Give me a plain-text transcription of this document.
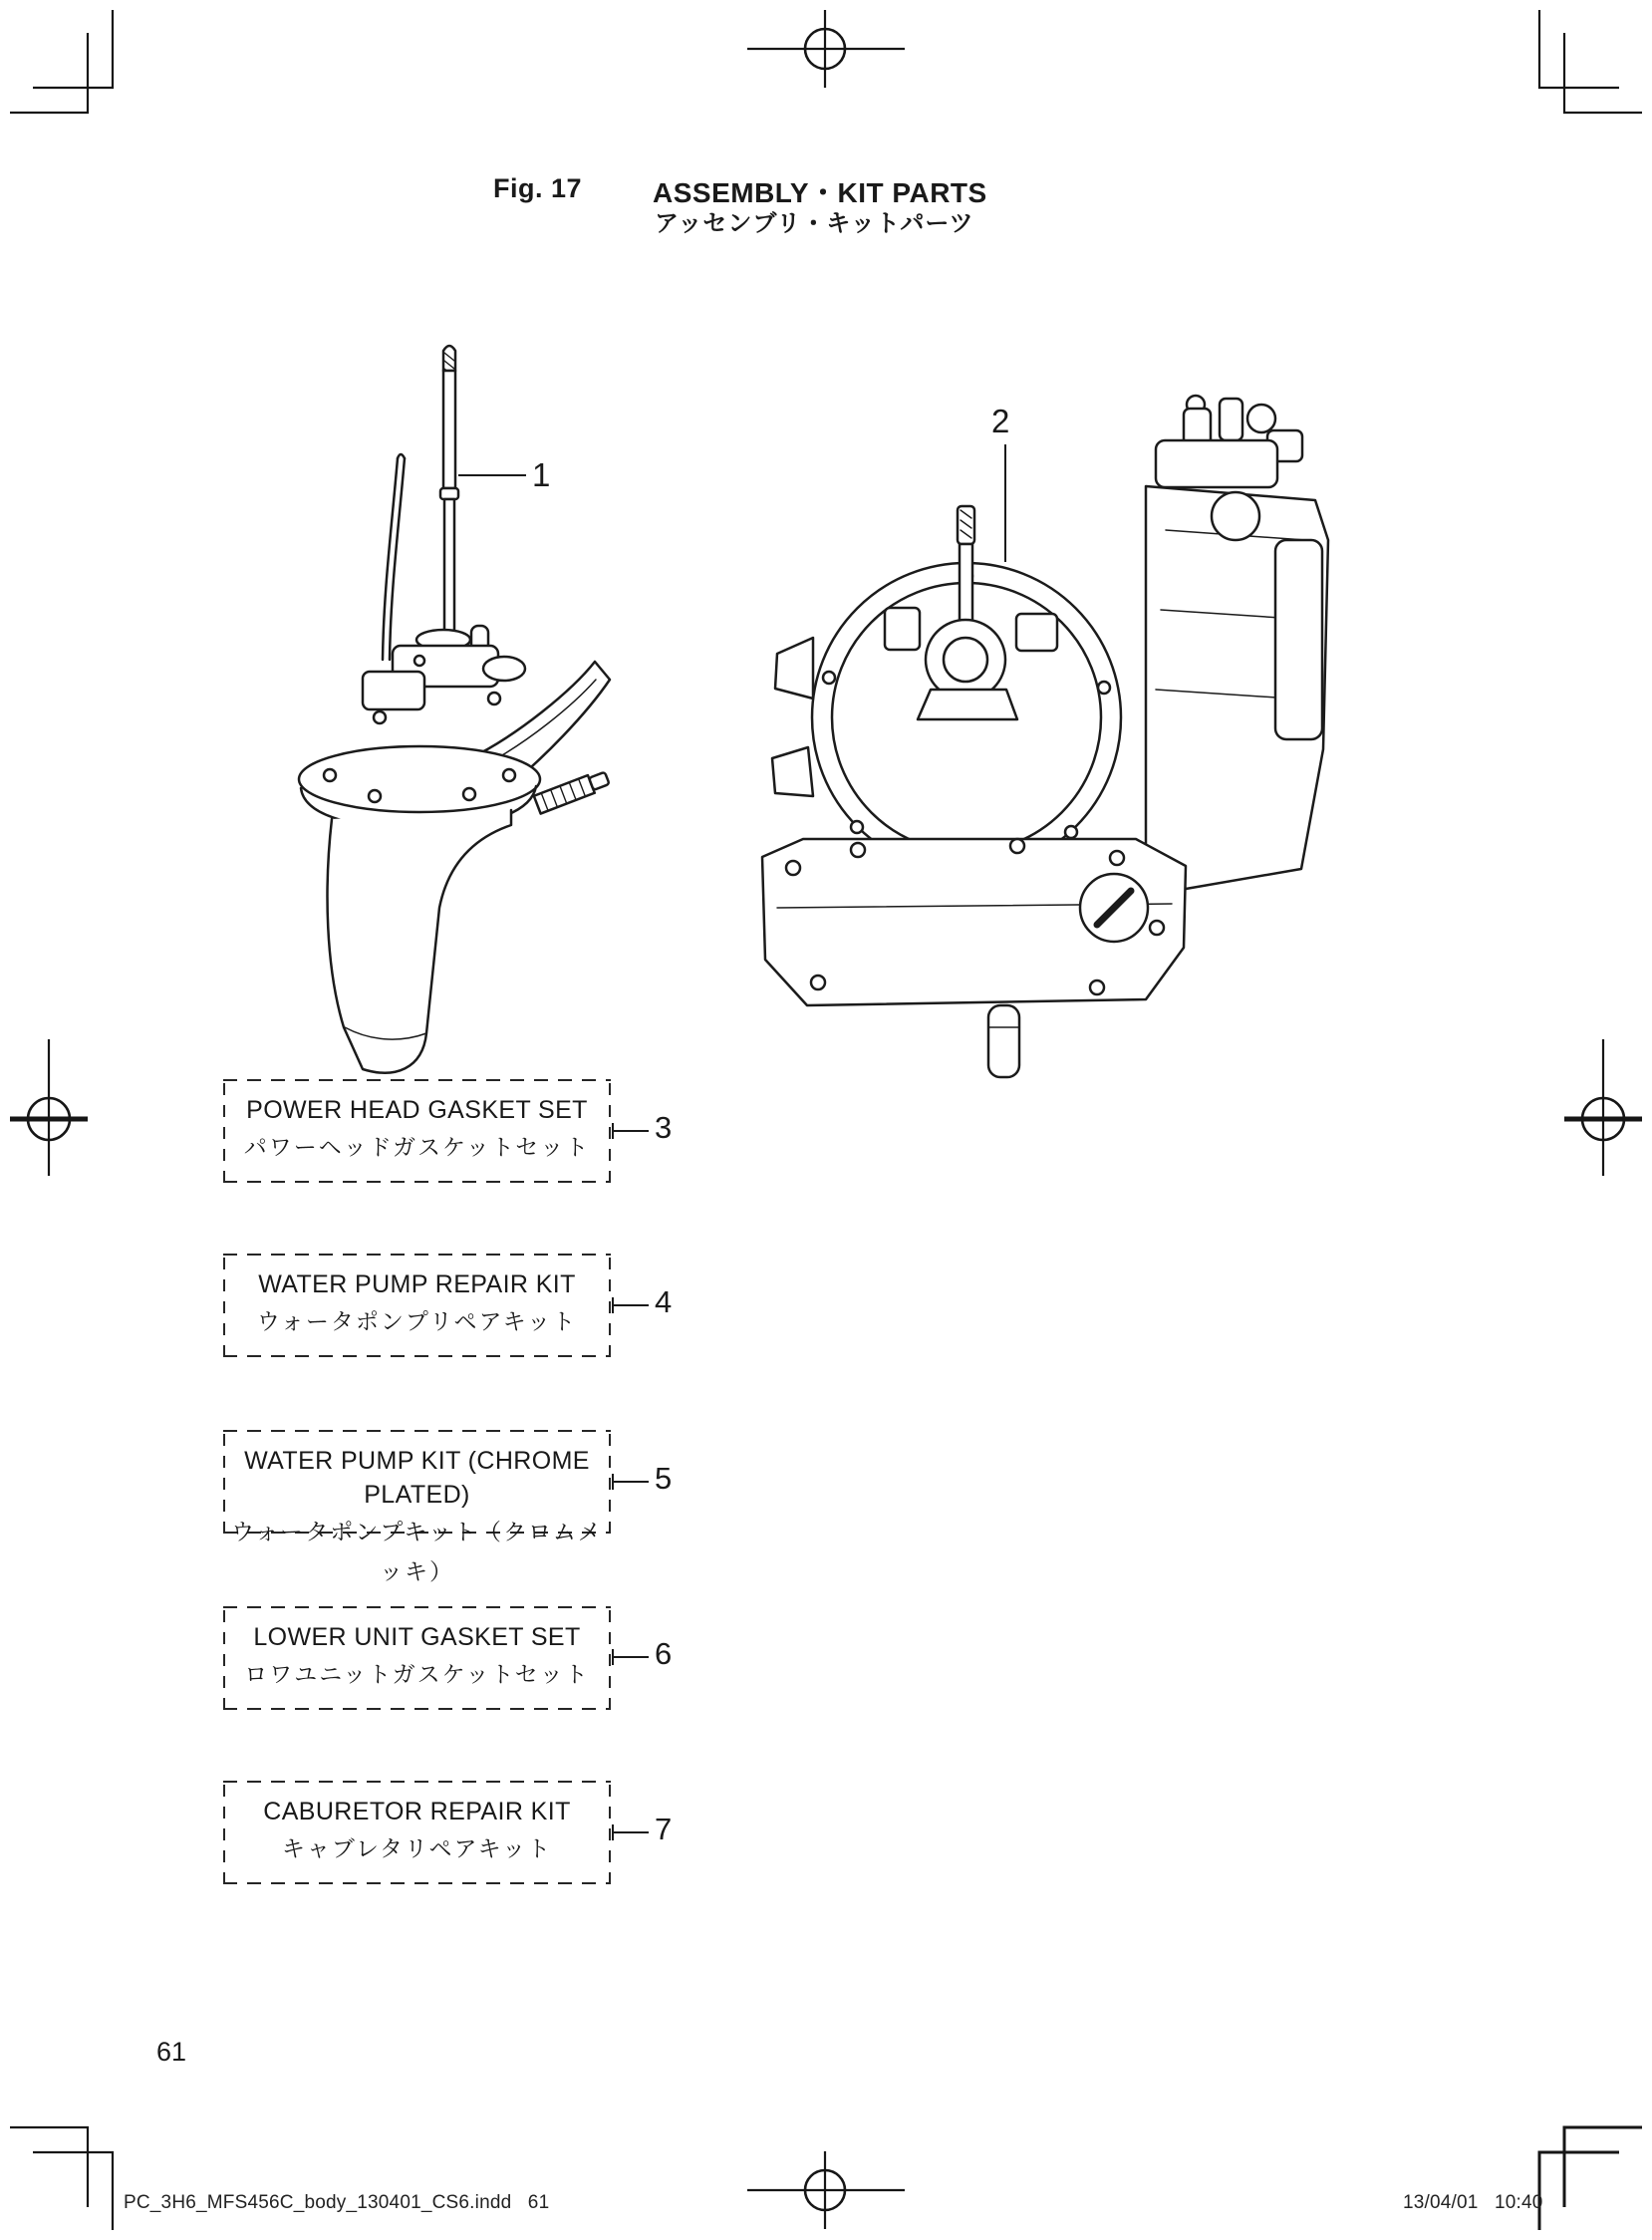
Fig. 17	ASSEMBLY・KIT PARTS
アッセンブリ・キットパーツ
1
2
POWER HEAD GASKET SET
パワーヘッドガスケットセット
3
WATER PUMP REPAIR KIT
ウォータポンプリペアキット
4
WATER PUMP KIT (CHROME PLATED)
ウォータポンプキット（クロムメッキ）
5
LOWER UNIT GASKET SET
ロワユニットガスケットセット
6
CABURETOR REPAIR KIT
キャブレタリペアキット
7
61
PC_3H6_MFS456C_body_130401_CS6.indd   61	13/04/01   10:40
